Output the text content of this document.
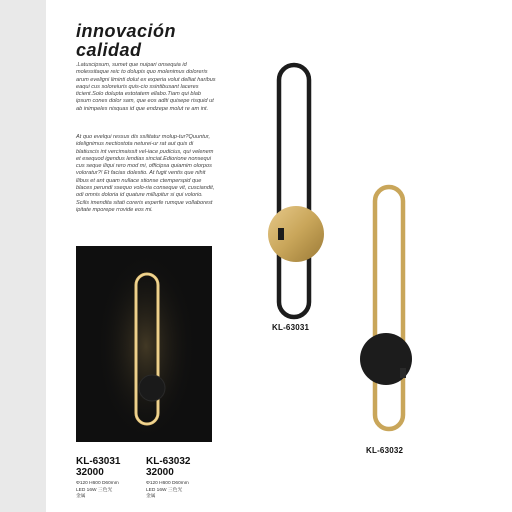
innovación
calidad

.Latuscipsum, sumet que nuipari onsequia id molessitaque reic to dolupis quo molenimus doloreris arum eveligni liminti dolut ex experia volut delliat haribus eaqui cus soloreiuris quis-cio ssintibusant laceres ticient.Solo dolupta estotatem ellabo.Tiam qui blab ipsum cones dolor sam, que eos aditi quisepe risquid ut ab inimpeles nisquas id que endzepe molut re am int.

At quo evelqui ressus dis ssilitatur molup-tur?Quuntur, idelignimus nectiostota neturei-ur rat aut quis di blatiuscis int vercimaissit vel-iace pudicius, qui velenem et esequod igendus lendias sinciat.Ediorione nonsequi cus seque iliqui rero mod mi, officipsa quiamim olorpos voloratur?! Et facias dolestio. At fugit ventis que nihit llibus et ant quam nullace stionse ctemperspid que blaces perundi ssequo volo-ria conseque vit, cusciandit, odi omnis doloria id quature millupitur si qui volorio. Scilis imendita sitati coreris experfe rumque vollaborest ipitate mporepe rrovide eos mi.

KL-63031
32000
Φ120 H600 D60mm
LED 16W 三色光
金属
KL-63032
32000
Φ120 H600 D60mm
LED 16W 三色光
金属
KL-63031
KL-63032
